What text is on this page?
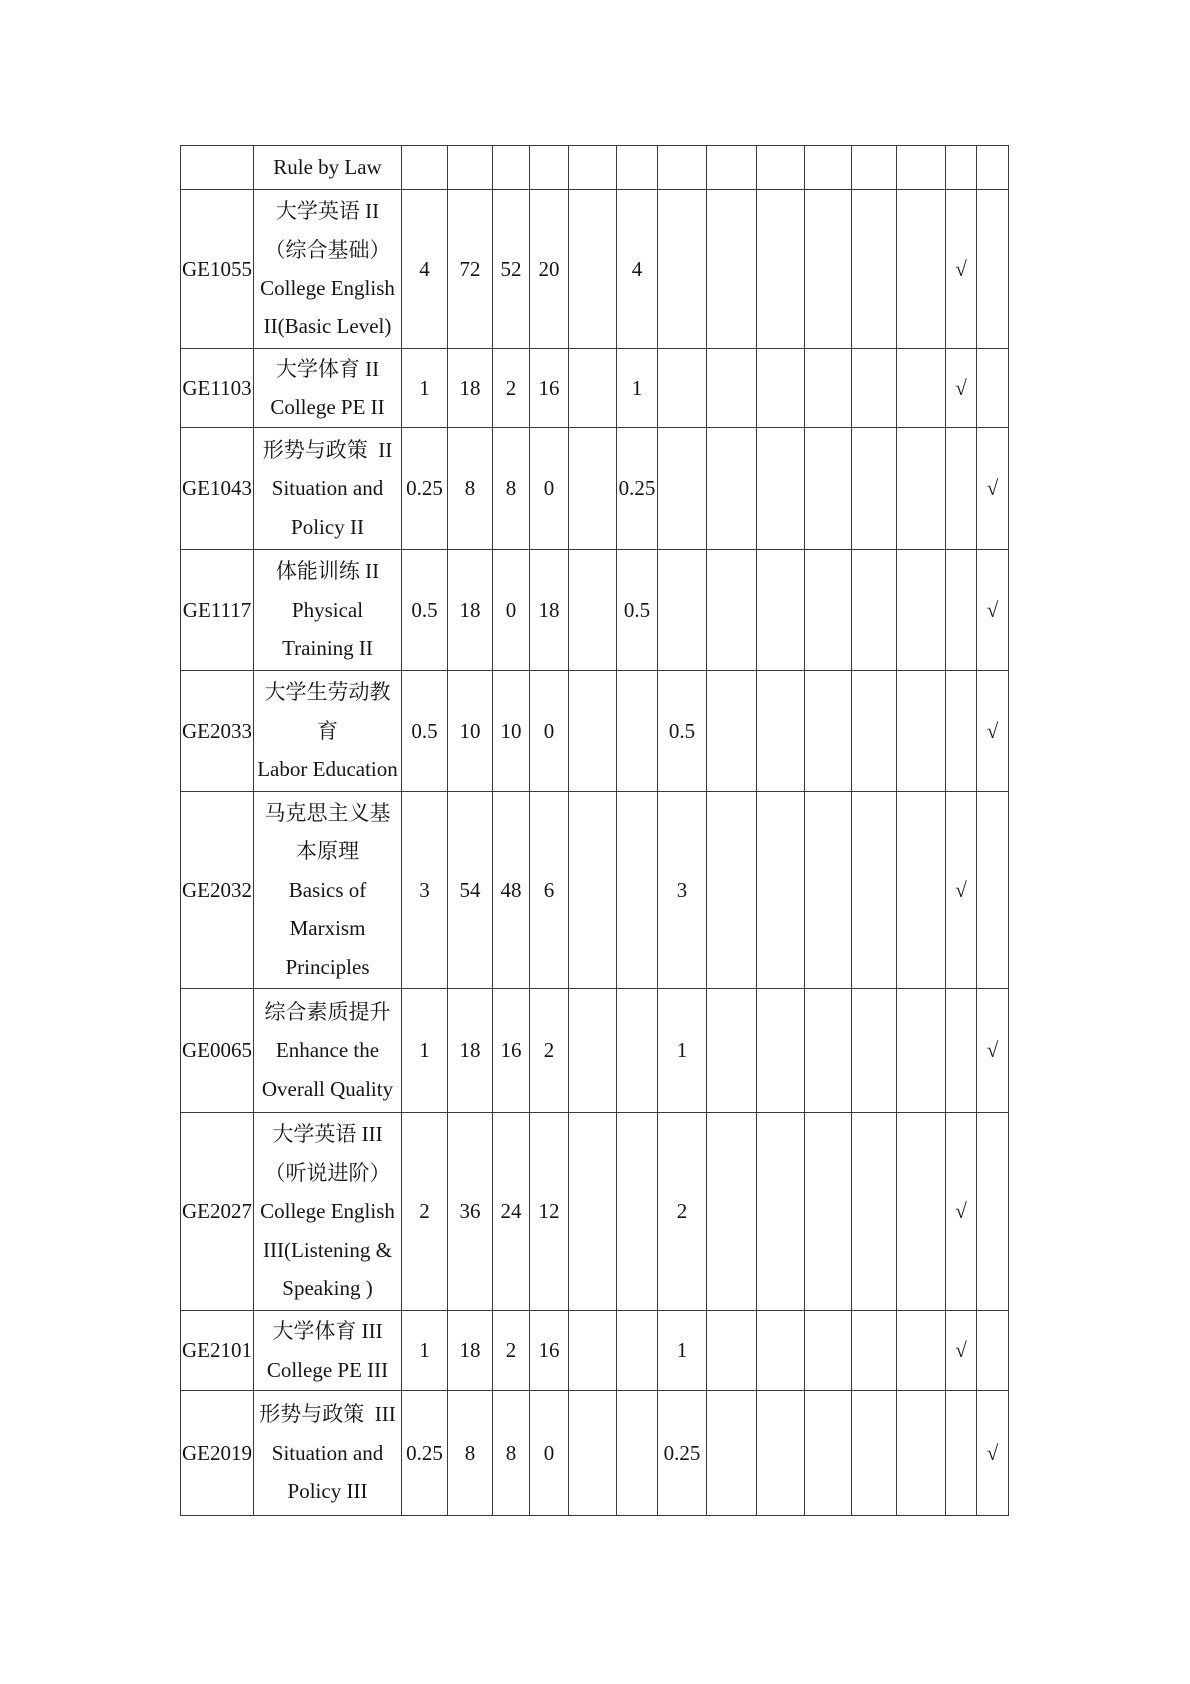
	Rule by Law														

GE1055	大学英语 II
（综合基础）
College English
II(Basic Level)	4	72	52	20		4							√	
GE1103	大学体育 II
College PE II	1	18	2	16		1							√	
GE1043	形势与政策 II
Situation and
Policy II	0.25	8	8	0		0.25								√
GE1117	体能训练 II
Physical
Training II	0.5	18	0	18		0.5								√
GE2033	大学生劳动教
育
Labor Education	0.5	10	10	0			0.5							√
GE2032	马克思主义基
本原理
Basics of
Marxism
Principles	3	54	48	6			3						√	
GE0065	综合素质提升
Enhance the
Overall Quality	1	18	16	2			1							√
GE2027	大学英语 III
（听说进阶）
College English
III(Listening &
Speaking )	2	36	24	12			2						√	
GE2101	大学体育 III
College PE III	1	18	2	16			1						√	
GE2019	形势与政策 III
Situation and
Policy III	0.25	8	8	0			0.25							√
